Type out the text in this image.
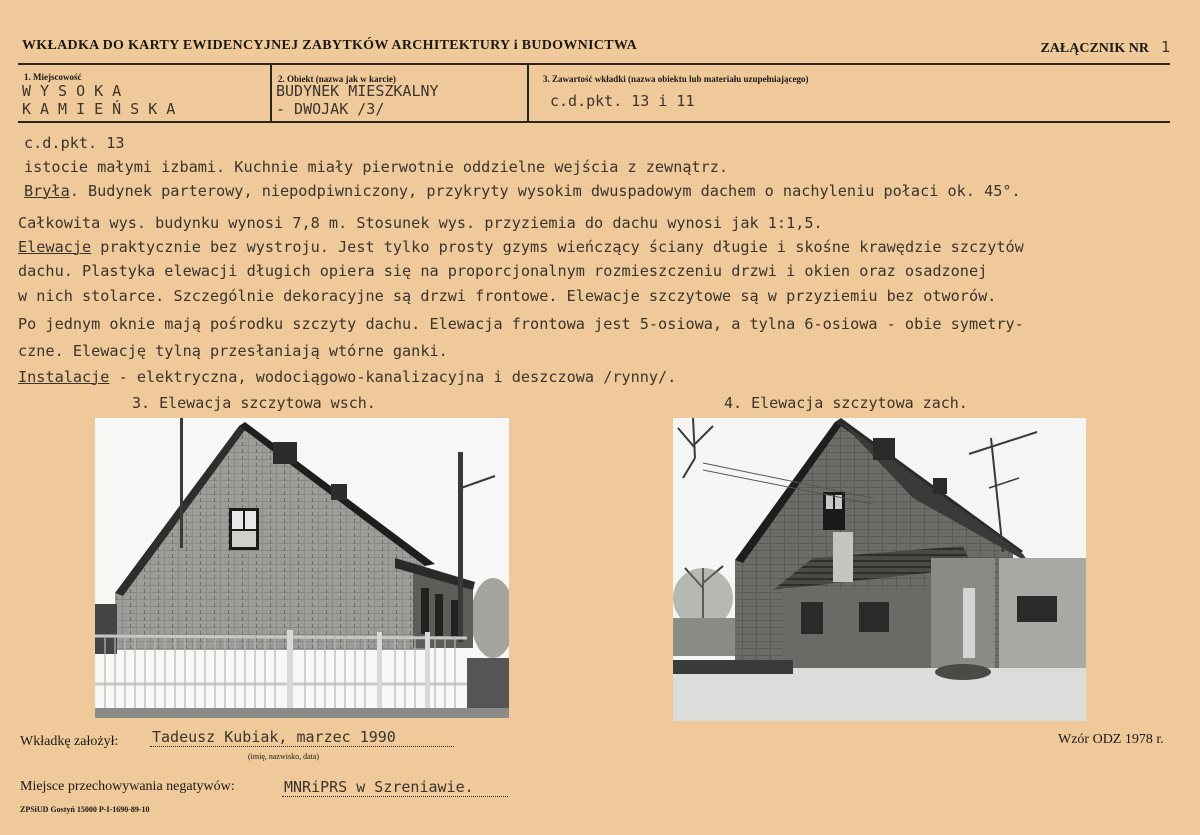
WKŁADKA DO KARTY EWIDENCYJNEJ ZABYTKÓW ARCHITEKTURY i BUDOWNICTWA	ZAŁĄCZNIK NR 1
1. Miejscowość
WYSOKA
KAMIEŃSKA
2. Obiekt (nazwa jak w karcie)
BUDYNEK MIESZKALNY
- DWOJAK /3/
3. Zawartość wkładki (nazwa obiektu lub materiału uzupełniającego)
c.d.pkt. 13 i 11
c.d.pkt. 13
istocie małymi izbami. Kuchnie miały pierwotnie oddzielne wejścia z zewnątrz.
Bryła. Budynek parterowy, niepodpiwniczony, przykryty wysokim dwuspadowym dachem o nachyleniu połaci ok. 45°.
Całkowita wys. budynku wynosi 7,8 m. Stosunek wys. przyziemia do dachu wynosi jak 1:1,5.
Elewacje praktycznie bez wystroju. Jest tylko prosty gzyms wieńczący ściany długie i skośne krawędzie szczytów
dachu. Plastyka elewacji długich opiera się na proporcjonalnym rozmieszczeniu drzwi i okien oraz osadzonej
w nich stolarce. Szczególnie dekoracyjne są drzwi frontowe. Elewacje szczytowe są w przyziemiu bez otworów.
Po jednym oknie mają pośrodku szczyty dachu. Elewacja frontowa jest 5-osiowa, a tylna 6-osiowa - obie symetry-
czne. Elewację tylną przesłaniają wtórne ganki.
Instalacje - elektryczna, wodociągowo-kanalizacyjna i deszczowa /rynny/.
3. Elewacja szczytowa wsch.	4. Elewacja szczytowa zach.
Wkładkę założył: Tadeusz Kubiak, marzec 1990
(imię, nazwisko, data)
Wzór ODZ 1978 r.
Miejsce przechowywania negatywów:	MNRiPRS w Szreniawie.
ZPSiUD Gostyń 15000 P-I-1690-89-10
